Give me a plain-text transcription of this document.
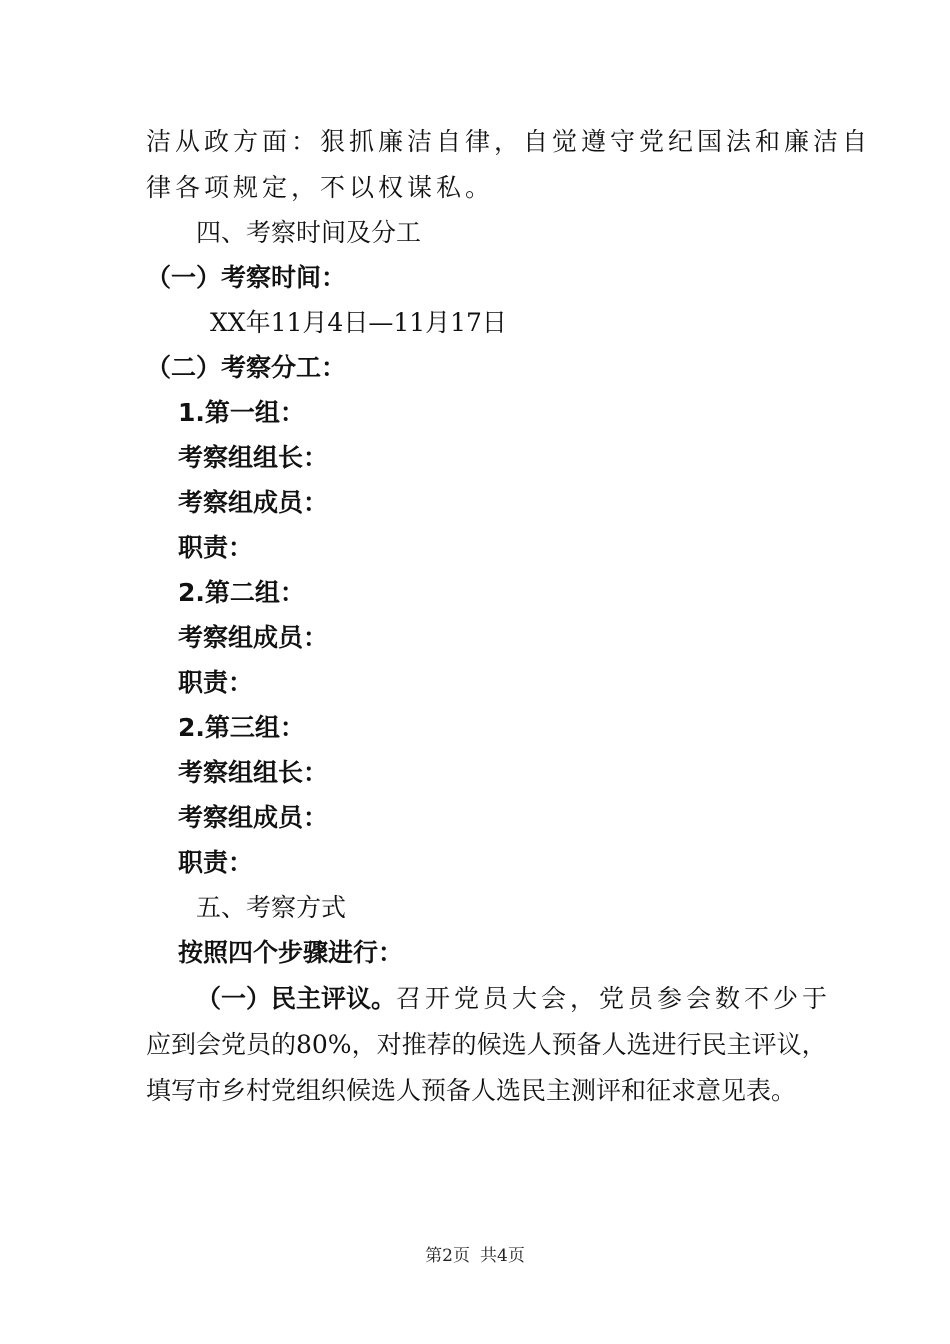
洁从政方面：狠抓廉洁自律，自觉遵守党纪国法和廉洁自

律各项规定，不以权谋私。

四、考察时间及分工

（一）考察时间：

XX年11月4日—11月17日

（二）考察分工：

1.第一组：

考察组组长：

考察组成员：

职责：

2.第二组：

考察组成员：

职责：

2.第三组：

考察组组长：

考察组成员：

职责：

五、考察方式

按照四个步骤进行：

（一）民主评议。召开党员大会，党员参会数不少于

应到会党员的80%，对推荐的候选人预备人选进行民主评议，

填写市乡村党组织候选人预备人选民主测评和征求意见表。

第2页 共4页
